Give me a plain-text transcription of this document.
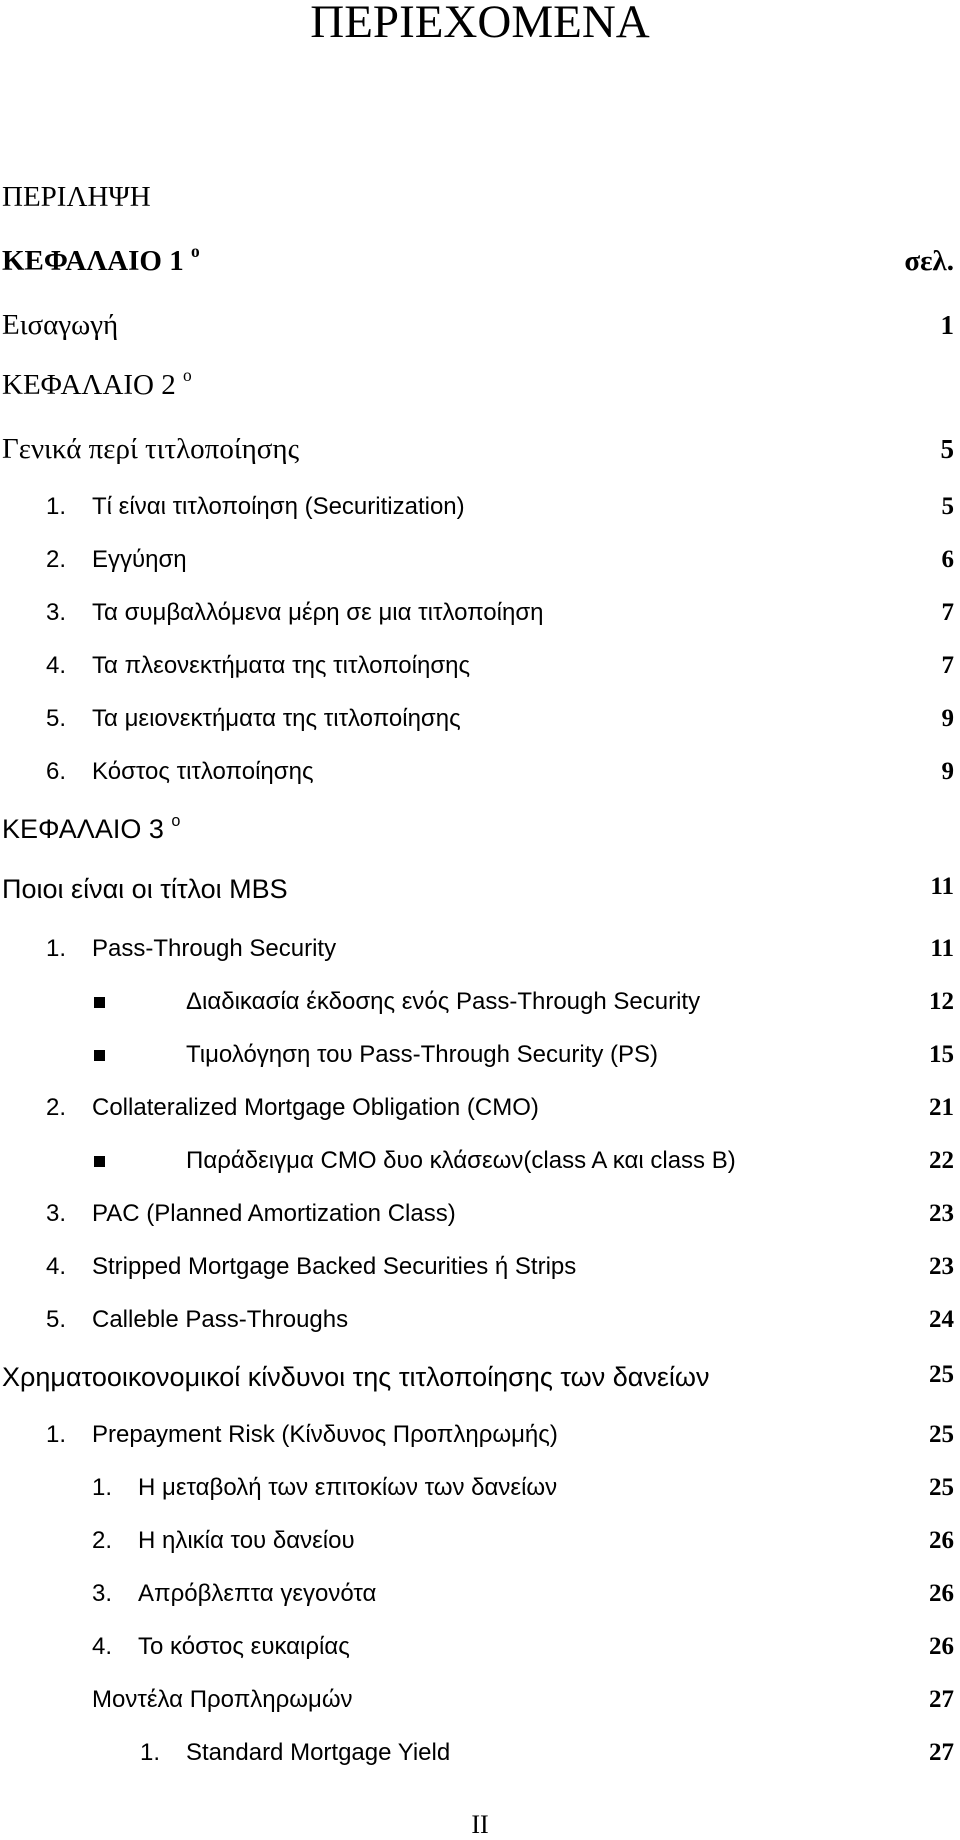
ΠΕΡΙΕΧΟΜΕΝΑ
ΠΕΡΙΛΗΨΗ
ΚΕΦΑΛΑΙΟ 1 $^o$	σελ.
Εισαγωγή	1
ΚΕΦΑΛΑΙΟ 2 $^o$
Γενικά περί τιτλοποίησης	5
1. Τί είναι τιτλοποίηση (Securitization)	5
2. Εγγύηση	6
3. Τα συμβαλλόμενα μέρη σε μια τιτλοποίηση	7
4. Τα πλεονεκτήματα της τιτλοποίησης	7
5. Τα μειονεκτήματα της τιτλοποίησης	9
6. Κόστος τιτλοποίησης	9
ΚΕΦΑΛΑΙΟ 3 $^o$
Ποιοι είναι οι τίτλοι MBS	11
1. Pass-Through Security	11
Διαδικασία έκδοσης ενός Pass-Through Security	12
Τιμολόγηση του Pass-Through Security (PS)	15
2. Collateralized Mortgage Obligation (CMO)	21
Παράδειγμα CMO δυο κλάσεων(class A και class B)	22
3. PAC (Planned Amortization Class)	23
4. Stripped Mortgage Backed Securities ή Strips	23
5. Calleble Pass-Throughs	24
Χρηματοοικονομικοί κίνδυνοι της τιτλοποίησης των δανείων	25
1. Prepayment Risk (Κίνδυνος Προπληρωμής)	25
1. Η μεταβολή των επιτοκίων των δανείων	25
2. Η ηλικία του δανείου	26
3. Απρόβλεπτα γεγονότα	26
4. Το κόστος ευκαιρίας	26
Μοντέλα Προπληρωμών	27
1. Standard Mortgage Yield	27
II
